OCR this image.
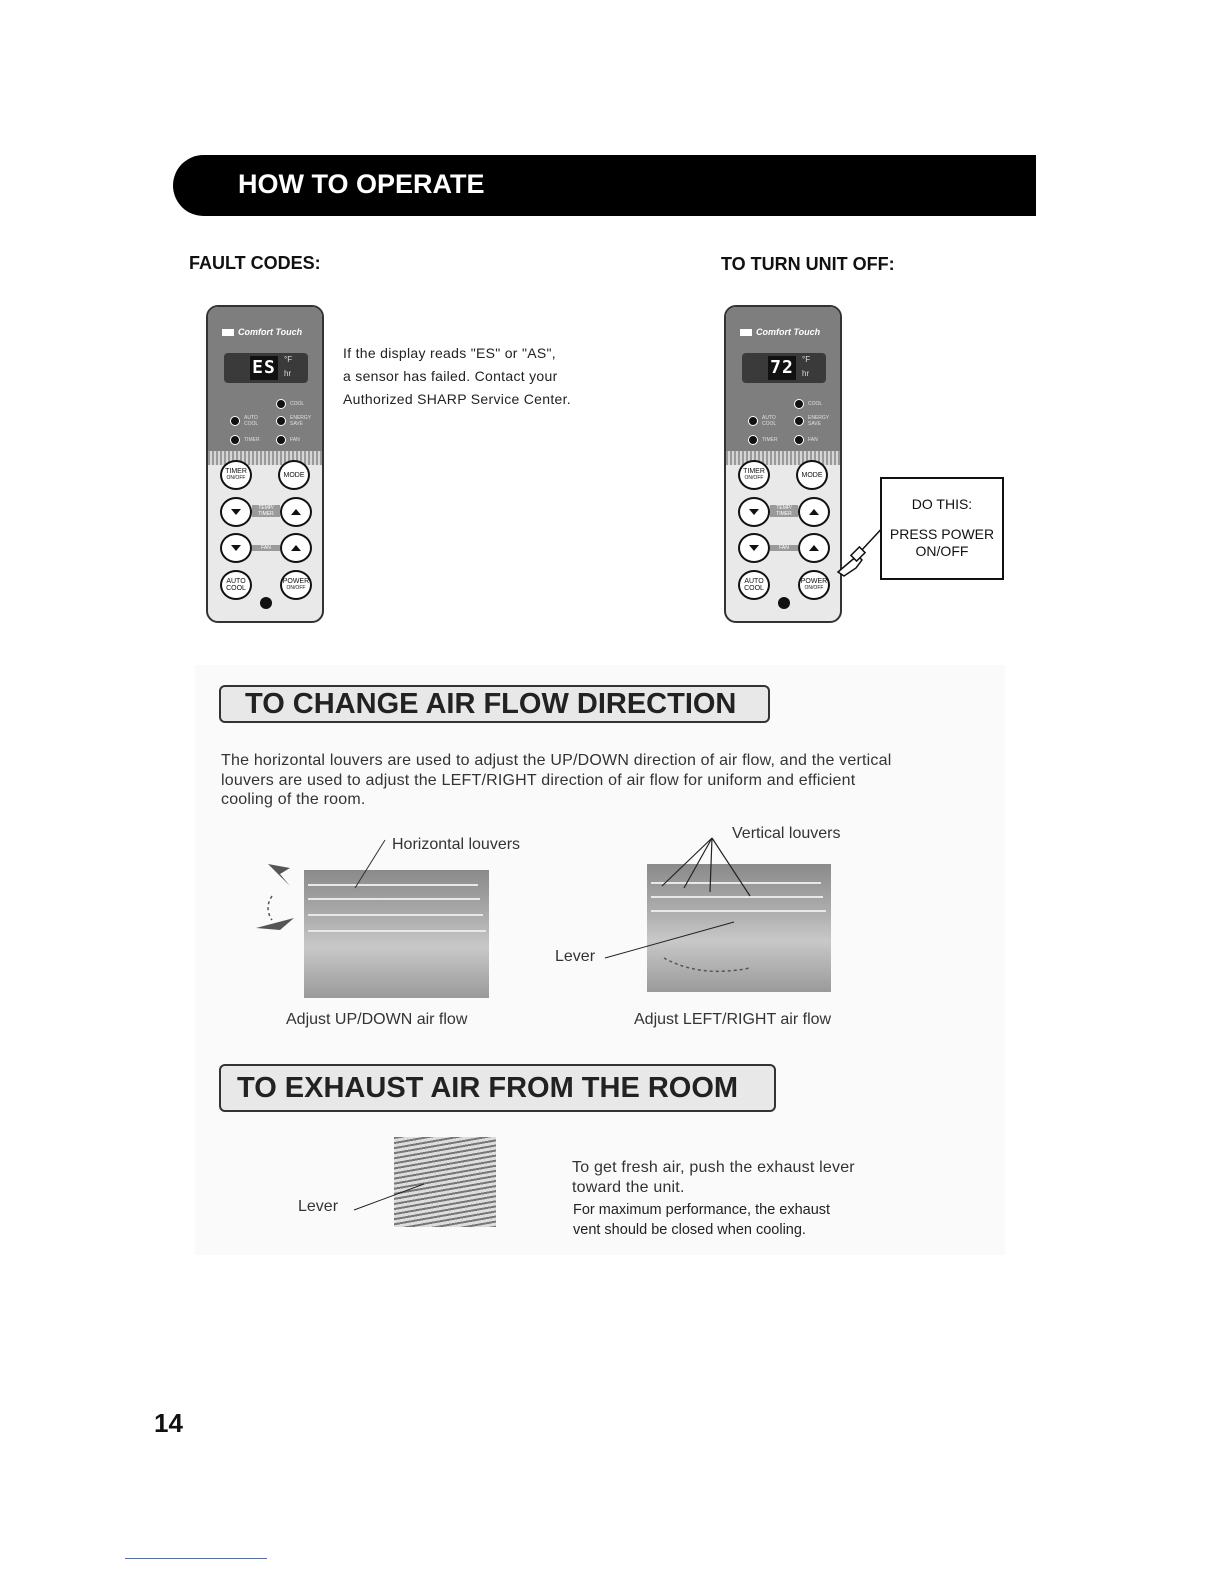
HOW TO OPERATE
FAULT CODES:	TO TURN UNIT OFF:
Comfort Touch
ES °F
hr
COOL
AUTO COOL
ENERGY SAVE
TIMER	FAN
TIMER
ON/OFF	MODE
TEMP/ TIMER
FAN
AUTO
COOL
POWER
ON/OFF
If the display reads "ES" or "AS",
a sensor has failed. Contact your
Authorized SHARP Service Center.
Comfort Touch
72 °F
hr
COOL
AUTO COOL
ENERGY SAVE
TIMER	FAN
TIMER
ON/OFF	MODE
TEMP/ TIMER
FAN
AUTO
COOL
POWER
ON/OFF
DO THIS:
PRESS POWER
ON/OFF
TO CHANGE AIR FLOW DIRECTION
The horizontal louvers are used to adjust the UP/DOWN direction of air flow, and the vertical
louvers are used to adjust the LEFT/RIGHT direction of air flow for uniform and efficient
cooling of the room.
Horizontal louvers
Adjust UP/DOWN air flow
Vertical louvers
Lever
Adjust LEFT/RIGHT air flow
TO EXHAUST AIR FROM THE ROOM
Lever
To get fresh air, push the exhaust lever
toward the unit.
For maximum performance, the exhaust
vent should be closed when cooling.
14
